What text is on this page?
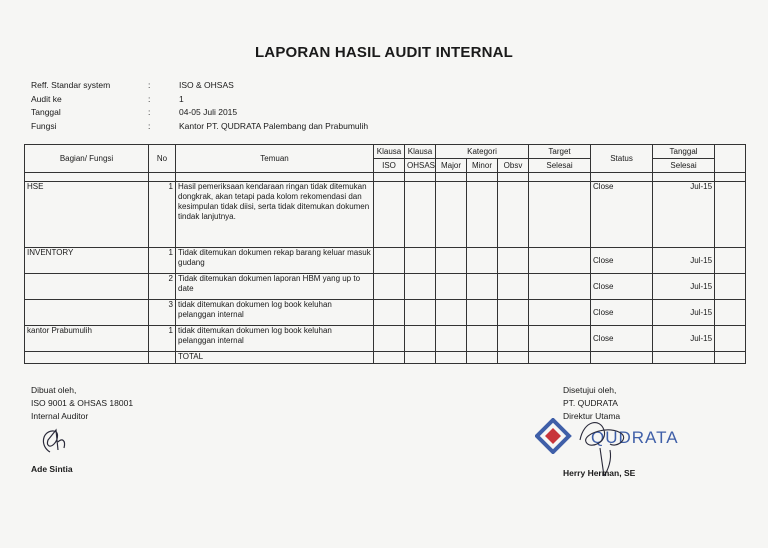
LAPORAN HASIL AUDIT INTERNAL
Reff. Standar system	:	ISO & OHSAS
Audit ke	:	1
Tanggal	:	04-05 Juli 2015
Fungsi	:	Kantor PT. QUDRATA Palembang dan Prabumulih
Bagian/ Fungsi	No	Temuan	Klausa	Klausa	Kategori			Target	Status	Tanggal	
			ISO	OHSAS	Major	Minor	Obsv	Selesai		Selesai	

HSE	1	Hasil pemeriksaan kendaraan ringan tidak ditemukan dongkrak, akan tetapi pada kolom rekomendasi dan kesimpulan tidak diisi, serta tidak ditemukan dokumen tindak lanjutnya.							Close	Jul-15	
INVENTORY	1	Tidak ditemukan dokumen rekap barang keluar masuk gudang							Close	Jul-15	
	2	Tidak ditemukan dokumen laporan HBM yang up to date							Close	Jul-15	
	3	tidak ditemukan dokumen log book keluhan pelanggan internal							Close	Jul-15	
kantor Prabumulih	1	tidak ditemukan dokumen log book keluhan pelanggan internal							Close	Jul-15	
		TOTAL									
Dibuat oleh,
ISO 9001 & OHSAS 18001
Internal Auditor
Ade Sintia
Disetujui oleh,
PT. QUDRATA
Direktur Utama
QUDRATA
Herry Herman, SE
